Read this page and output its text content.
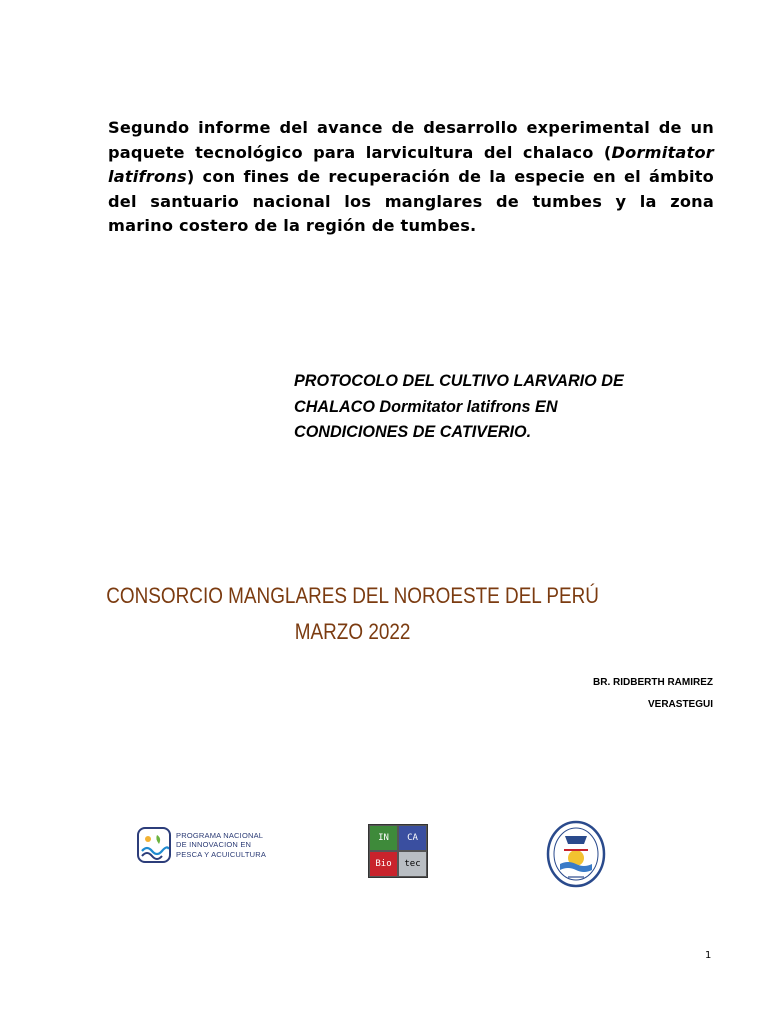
Segundo informe del avance de desarrollo experimental de un paquete tecnológico para larvicultura del chalaco (Dormitator latifrons) con fines de recuperación de la especie en el ámbito del santuario nacional los manglares de tumbes y la zona marino costero de la región de tumbes.
PROTOCOLO DEL CULTIVO LARVARIO DE
CHALACO Dormitator latifrons EN
CONDICIONES DE CATIVERIO.
CONSORCIO MANGLARES DEL NOROESTE DEL PERÚ
MARZO 2022
BR. RIDBERTH RAMIREZ
VERASTEGUI
PROGRAMA NACIONAL
DE INNOVACION EN
PESCA Y ACUICULTURA
IN	CA
Bio	tec
1
